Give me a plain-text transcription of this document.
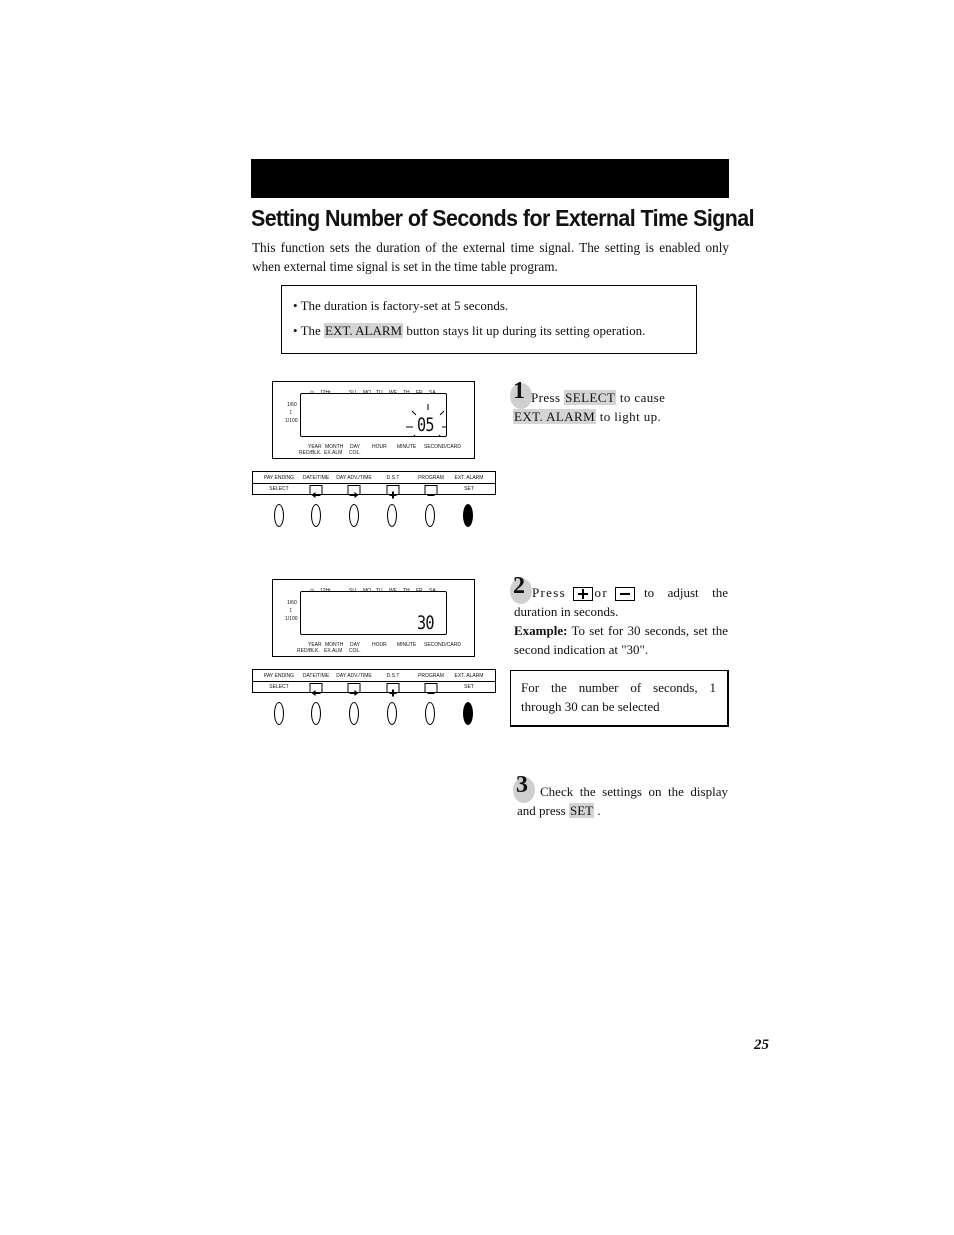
Setting Number of Seconds for External Time Signal
This function sets the duration of the external time signal. The setting is enabled only when external time signal is set in the time table program.
• The duration is factory-set at 5 seconds.
• The EXT. ALARM button stays lit up during its setting operation.
⊙ 12Hr.	SU MO TU WE TH FR SA
1/60
↕
1/100	05
YEAR MONTH DAY HOUR MINUTE SECOND/CARD
RED/BLK. EX.ALM COL.
PAY ENDING DATE/TIME DAY ADV./TIME	D.S.T	PROGRAM EXT. ALARM
SELECT	SET
⊙ 12Hr.	SU MO TU WE TH FR SA
1/60
↕
1/100	30
YEAR MONTH DAY HOUR MINUTE SECOND/CARD
RED/BLK. EX.ALM COL.
PAY ENDING DATE/TIME DAY ADV./TIME	D.S.T	PROGRAM EXT. ALARM
SELECT	SET
1 Press SELECT to cause
EXT. ALARM to light up.
2 Press or	to adjust the duration in seconds.
Example: To set for 30 seconds, set the second indication at "30".
For the number of seconds, 1 through 30 can be selected
3 Check the settings on the display and press SET .
25
